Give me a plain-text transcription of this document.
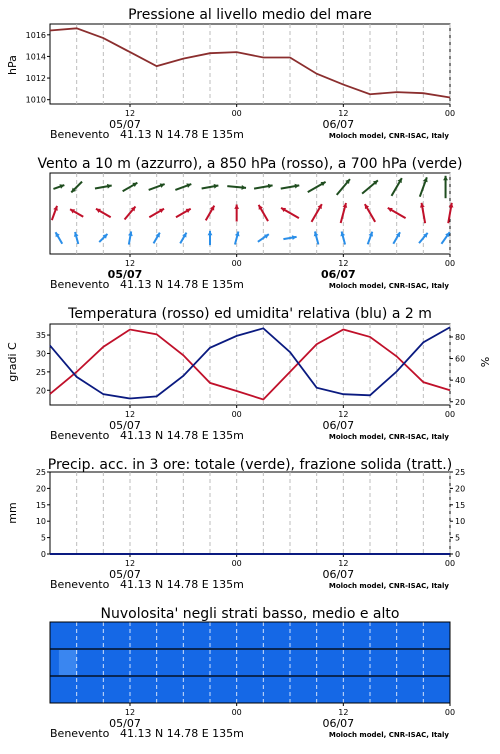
Pressione al livello medio del mare
hPa
12	00	12	00
05/07	06/07
Benevento 41.13 N 14.78 E 135m	Moloch model, CNR-ISAC, Italy
1010
1012
1014
1016
Vento a 10 m (azzurro), a 850 hPa (rosso), a 700 hPa (verde)
12	00	12	00
05/07	06/07
Benevento 41.13 N 14.78 E 135m	Moloch model, CNR-ISAC, Italy
Temperatura (rosso) ed umidita' relativa (blu) a 2 m
gradi C	%
12	00	12	00
05/07	06/07
Benevento 41.13 N 14.78 E 135m	Moloch model, CNR-ISAC, Italy
20
25
30
35
20
40
60
80
Precip. acc. in 3 ore: totale (verde), frazione solida (tratt.)
mm
12	00	12	00
05/07	06/07
Benevento 41.13 N 14.78 E 135m	Moloch model, CNR-ISAC, Italy
0	0
5	5
10	10
15	15
20	20
25	25
Nuvolosita' negli strati basso, medio e alto
12	00	12	00
05/07	06/07
Benevento 41.13 N 14.78 E 135m	Moloch model, CNR-ISAC, Italy
